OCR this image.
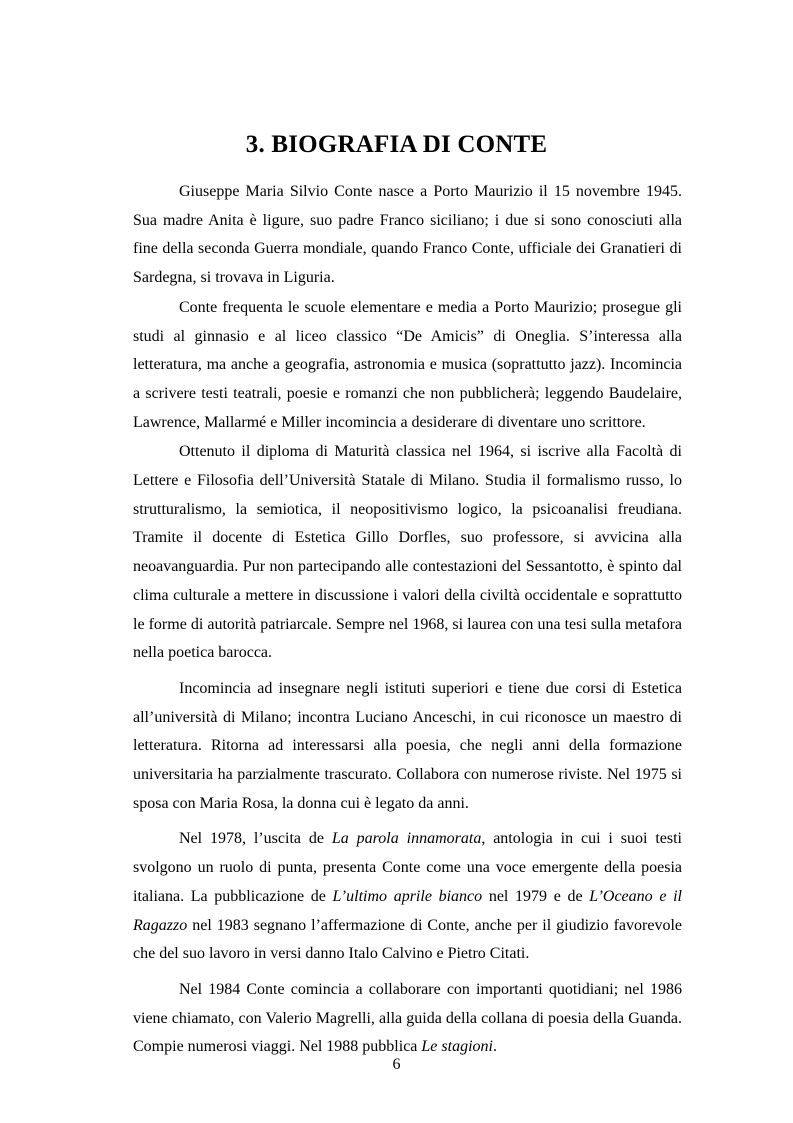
3. BIOGRAFIA DI CONTE

Giuseppe Maria Silvio Conte nasce a Porto Maurizio il 15 novembre 1945. Sua madre Anita è ligure, suo padre Franco siciliano; i due si sono conosciuti alla fine della seconda Guerra mondiale, quando Franco Conte, ufficiale dei Granatieri di Sardegna, si trovava in Liguria.

Conte frequenta le scuole elementare e media a Porto Maurizio; prosegue gli studi al ginnasio e al liceo classico “De Amicis” di Oneglia. S’interessa alla letteratura, ma anche a geografia, astronomia e musica (soprattutto jazz). Incomincia a scrivere testi teatrali, poesie e romanzi che non pubblicherà; leggendo Baudelaire, Lawrence, Mallarmé e Miller incomincia a desiderare di diventare uno scrittore.

Ottenuto il diploma di Maturità classica nel 1964, si iscrive alla Facoltà di Lettere e Filosofia dell’Università Statale di Milano. Studia il formalismo russo, lo strutturalismo, la semiotica, il neopositivismo logico, la psicoanalisi freudiana. Tramite il docente di Estetica Gillo Dorfles, suo professore, si avvicina alla neoavanguardia. Pur non partecipando alle contestazioni del Sessantotto, è spinto dal clima culturale a mettere in discussione i valori della civiltà occidentale e soprattutto le forme di autorità patriarcale. Sempre nel 1968, si laurea con una tesi sulla metafora nella poetica barocca.

Incomincia ad insegnare negli istituti superiori e tiene due corsi di Estetica all’università di Milano; incontra Luciano Anceschi, in cui riconosce un maestro di letteratura. Ritorna ad interessarsi alla poesia, che negli anni della formazione universitaria ha parzialmente trascurato. Collabora con numerose riviste. Nel 1975 si sposa con Maria Rosa, la donna cui è legato da anni.

Nel 1978, l’uscita de La parola innamorata, antologia in cui i suoi testi svolgono un ruolo di punta, presenta Conte come una voce emergente della poesia italiana. La pubblicazione de L’ultimo aprile bianco nel 1979 e de L’Oceano e il Ragazzo nel 1983 segnano l’affermazione di Conte, anche per il giudizio favorevole che del suo lavoro in versi danno Italo Calvino e Pietro Citati.

Nel 1984 Conte comincia a collaborare con importanti quotidiani; nel 1986 viene chiamato, con Valerio Magrelli, alla guida della collana di poesia della Guanda. Compie numerosi viaggi. Nel 1988 pubblica Le stagioni.

6
